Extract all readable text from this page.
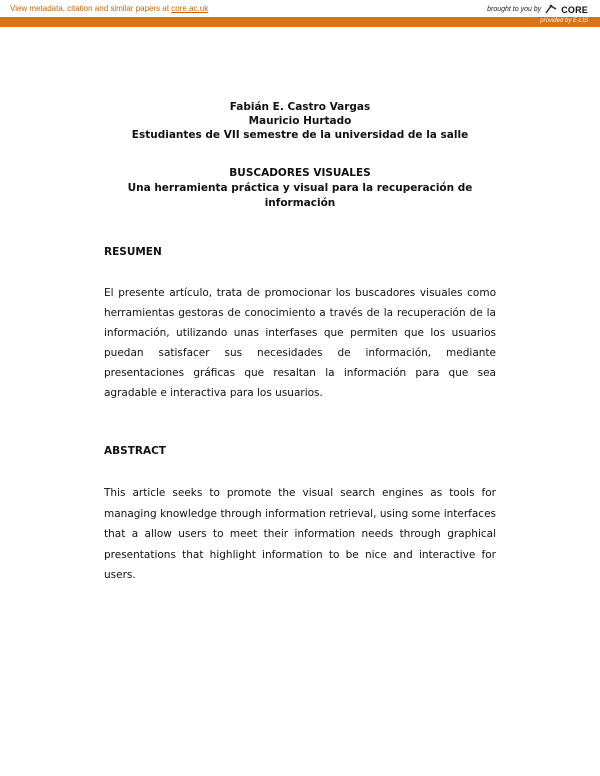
View metadata, citation and similar papers at core.ac.uk	brought to you by CORE
provided by E-LIS
Fabián E. Castro Vargas
Mauricio Hurtado
Estudiantes de VII semestre de la universidad de la salle
BUSCADORES VISUALES
Una herramienta práctica y visual para la recuperación de información
RESUMEN
El presente artículo, trata de promocionar los buscadores visuales como herramientas gestoras de conocimiento a través de la recuperación de la información, utilizando unas interfases que permiten que los usuarios puedan satisfacer sus necesidades de información, mediante presentaciones gráficas que resaltan la información para que sea agradable e interactiva para los usuarios.
ABSTRACT
This article seeks to promote the visual search engines as tools for managing knowledge through information retrieval, using some interfaces that a allow users to meet their information needs through graphical presentations that highlight information to be nice and interactive for users.
